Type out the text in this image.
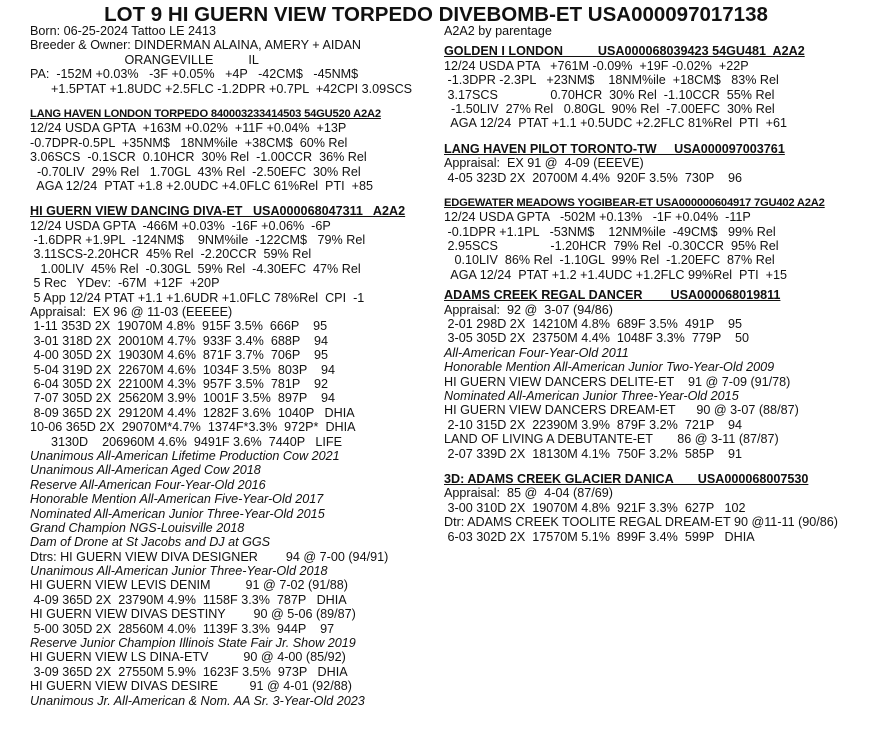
LOT 9 HI GUERN VIEW TORPEDO DIVEBOMB-ET USA000097017138
Born: 06-25-2024 Tattoo LE 2413
Breeder & Owner: DINDERMAN ALAINA, AMERY + AIDAN
ORANGEVILLE          IL
PA:  -152M +0.03%   -3F +0.05%   +4P   -42CM$   -45NM$
+1.5PTAT +1.8UDC +2.5FLC -1.2DPR +0.7PL  +42CPI 3.09SCS
LANG HAVEN LONDON TORPEDO 840003233414503 54GU520 A2A2
12/24 USDA GPTA  +163M +0.02%  +11F +0.04%  +13P
-0.7DPR-0.5PL  +35NM$   18NM%ile  +38CM$  60% Rel
3.06SCS  -0.1SCR  0.10HCR  30% Rel  -1.00CCR  36% Rel
-0.70LIV  29% Rel   1.70GL  43% Rel  -2.50EFC  30% Rel
AGA 12/24  PTAT +1.8 +2.0UDC +4.0FLC 61%Rel  PTI  +85
HI GUERN VIEW DANCING DIVA-ET   USA000068047311   A2A2
12/24 USDA GPTA  -466M +0.03%  -16F +0.06%  -6P
-1.6DPR +1.9PL  -124NM$    9NM%ile  -122CM$   79% Rel
3.11SCS-2.20HCR  45% Rel  -2.20CCR  59% Rel
1.00LIV  45% Rel  -0.30GL  59% Rel  -4.30EFC  47% Rel
5 Rec   YDev:  -67M  +12F  +20P
5 App 12/24 PTAT +1.1 +1.6UDR +1.0FLC 78%Rel  CPI  -1
Appraisal:  EX 96 @ 11-03 (EEEEE)
1-11 353D 2X  19070M 4.8%  915F 3.5%  666P    95
3-01 318D 2X  20010M 4.7%  933F 3.4%  688P    94
4-00 305D 2X  19030M 4.6%  871F 3.7%  706P    95
5-04 319D 2X  22670M 4.6%  1034F 3.5%  803P    94
6-04 305D 2X  22100M 4.3%  957F 3.5%  781P    92
7-07 305D 2X  25620M 3.9%  1001F 3.5%  897P    94
8-09 365D 2X  29120M 4.4%  1282F 3.6%  1040P   DHIA
10-06 365D 2X  29070M*4.7%  1374F*3.3%  972P*  DHIA
3130D    206960M 4.6%  9491F 3.6%  7440P   LIFE
Unanimous All-American Lifetime Production Cow 2021
Unanimous All-American Aged Cow 2018
Reserve All-American Four-Year-Old 2016
Honorable Mention All-American Five-Year-Old 2017
Nominated All-American Junior Three-Year-Old 2015
Grand Champion NGS-Louisville 2018
Dam of Drone at St Jacobs and DJ at GGS
Dtrs: HI GUERN VIEW DIVA DESIGNER        94 @ 7-00 (94/91)
Unanimous All-American Junior Three-Year-Old 2018
HI GUERN VIEW LEVIS DENIM          91 @ 7-02 (91/88)
4-09 365D 2X  23790M 4.9%  1158F 3.3%  787P   DHIA
HI GUERN VIEW DIVAS DESTINY        90 @ 5-06 (89/87)
5-00 305D 2X  28560M 4.0%  1139F 3.3%  944P    97
Reserve Junior Champion Illinois State Fair Jr. Show 2019
HI GUERN VIEW LS DINA-ETV          90 @ 4-00 (85/92)
3-09 365D 2X  27550M 5.9%  1623F 3.5%  973P   DHIA
HI GUERN VIEW DIVAS DESIRE         91 @ 4-01 (92/88)
Unanimous Jr. All-American & Nom. AA Sr. 3-Year-Old 2023
A2A2 by parentage
GOLDEN I LONDON          USA000068039423 54GU481  A2A2
12/24 USDA PTA   +761M -0.09%  +19F -0.02%  +22P
-1.3DPR -2.3PL   +23NM$    18NM%ile  +18CM$   83% Rel
3.17SCS               0.70HCR  30% Rel  -1.10CCR  55% Rel
-1.50LIV  27% Rel   0.80GL  90% Rel  -7.00EFC  30% Rel
AGA 12/24  PTAT +1.1 +0.5UDC +2.2FLC 81%Rel  PTI  +61
LANG HAVEN PILOT TORONTO-TW     USA000097003761
Appraisal:  EX 91 @  4-09 (EEEVE)
4-05 323D 2X  20700M 4.4%  920F 3.5%  730P    96
EDGEWATER MEADOWS YOGIBEAR-ET USA000000604917 7GU402 A2A2
12/24 USDA GPTA   -502M +0.13%   -1F +0.04%  -11P
-0.1DPR +1.1PL   -53NM$    12NM%ile  -49CM$   99% Rel
2.95SCS               -1.20HCR  79% Rel  -0.30CCR  95% Rel
0.10LIV  86% Rel  -1.10GL  99% Rel  -1.20EFC  87% Rel
AGA 12/24  PTAT +1.2 +1.4UDC +1.2FLC 99%Rel  PTI  +15
ADAMS CREEK REGAL DANCER        USA000068019811
Appraisal:  92 @  3-07 (94/86)
2-01 298D 2X  14210M 4.8%  689F 3.5%  491P    95
3-05 305D 2X  23750M 4.4%  1048F 3.3%  779P    50
All-American Four-Year-Old 2011
Honorable Mention All-American Junior Two-Year-Old 2009
HI GUERN VIEW DANCERS DELITE-ET    91 @ 7-09 (91/78)
Nominated All-American Junior Three-Year-Old 2015
HI GUERN VIEW DANCERS DREAM-ET      90 @ 3-07 (88/87)
2-10 315D 2X  22390M 3.9%  879F 3.2%  721P    94
LAND OF LIVING A DEBUTANTE-ET       86 @ 3-11 (87/87)
2-07 339D 2X  18130M 4.1%  750F 3.2%  585P    91
3D: ADAMS CREEK GLACIER DANICA       USA000068007530
Appraisal:  85 @  4-04 (87/69)
3-00 310D 2X  19070M 4.8%  921F 3.3%  627P   102
Dtr: ADAMS CREEK TOOLITE REGAL DREAM-ET 90 @11-11 (90/86)
6-03 302D 2X  17570M 5.1%  899F 3.4%  599P   DHIA
